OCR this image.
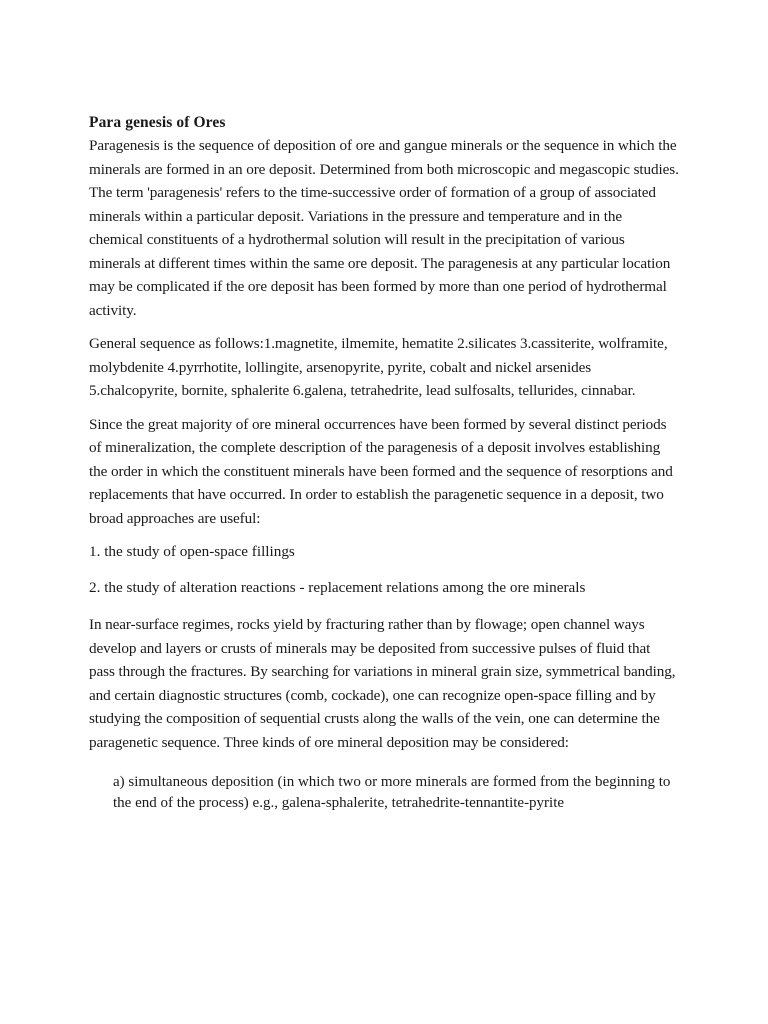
Para genesis of Ores

Paragenesis is the sequence of deposition of ore and gangue minerals or the sequence in which the minerals are formed in an ore deposit. Determined from both microscopic and megascopic studies. The term 'paragenesis' refers to the time-successive order of formation of a group of associated minerals within a particular deposit. Variations in the pressure and temperature and in the chemical constituents of a hydrothermal solution will result in the precipitation of various minerals at different times within the same ore deposit. The paragenesis at any particular location may be complicated if the ore deposit has been formed by more than one period of hydrothermal activity.

General sequence as follows:1.magnetite, ilmemite, hematite 2.silicates 3.cassiterite, wolframite, molybdenite 4.pyrrhotite, lollingite, arsenopyrite, pyrite, cobalt and nickel arsenides 5.chalcopyrite, bornite, sphalerite 6.galena, tetrahedrite, lead sulfosalts, tellurides, cinnabar.

Since the great majority of ore mineral occurrences have been formed by several distinct periods of mineralization, the complete description of the paragenesis of a deposit involves establishing the order in which the constituent minerals have been formed and the sequence of resorptions and replacements that have occurred. In order to establish the paragenetic sequence in a deposit, two broad approaches are useful:

1. the study of open-space fillings

2. the study of alteration reactions - replacement relations among the ore minerals

In near-surface regimes, rocks yield by fracturing rather than by flowage; open channel ways develop and layers or crusts of minerals may be deposited from successive pulses of fluid that pass through the fractures. By searching for variations in mineral grain size, symmetrical banding, and certain diagnostic structures (comb, cockade), one can recognize open-space filling and by studying the composition of sequential crusts along the walls of the vein, one can determine the paragenetic sequence. Three kinds of ore mineral deposition may be considered:

a) simultaneous deposition (in which two or more minerals are formed from the beginning to the end of the process) e.g., galena-sphalerite, tetrahedrite-tennantite-pyrite
